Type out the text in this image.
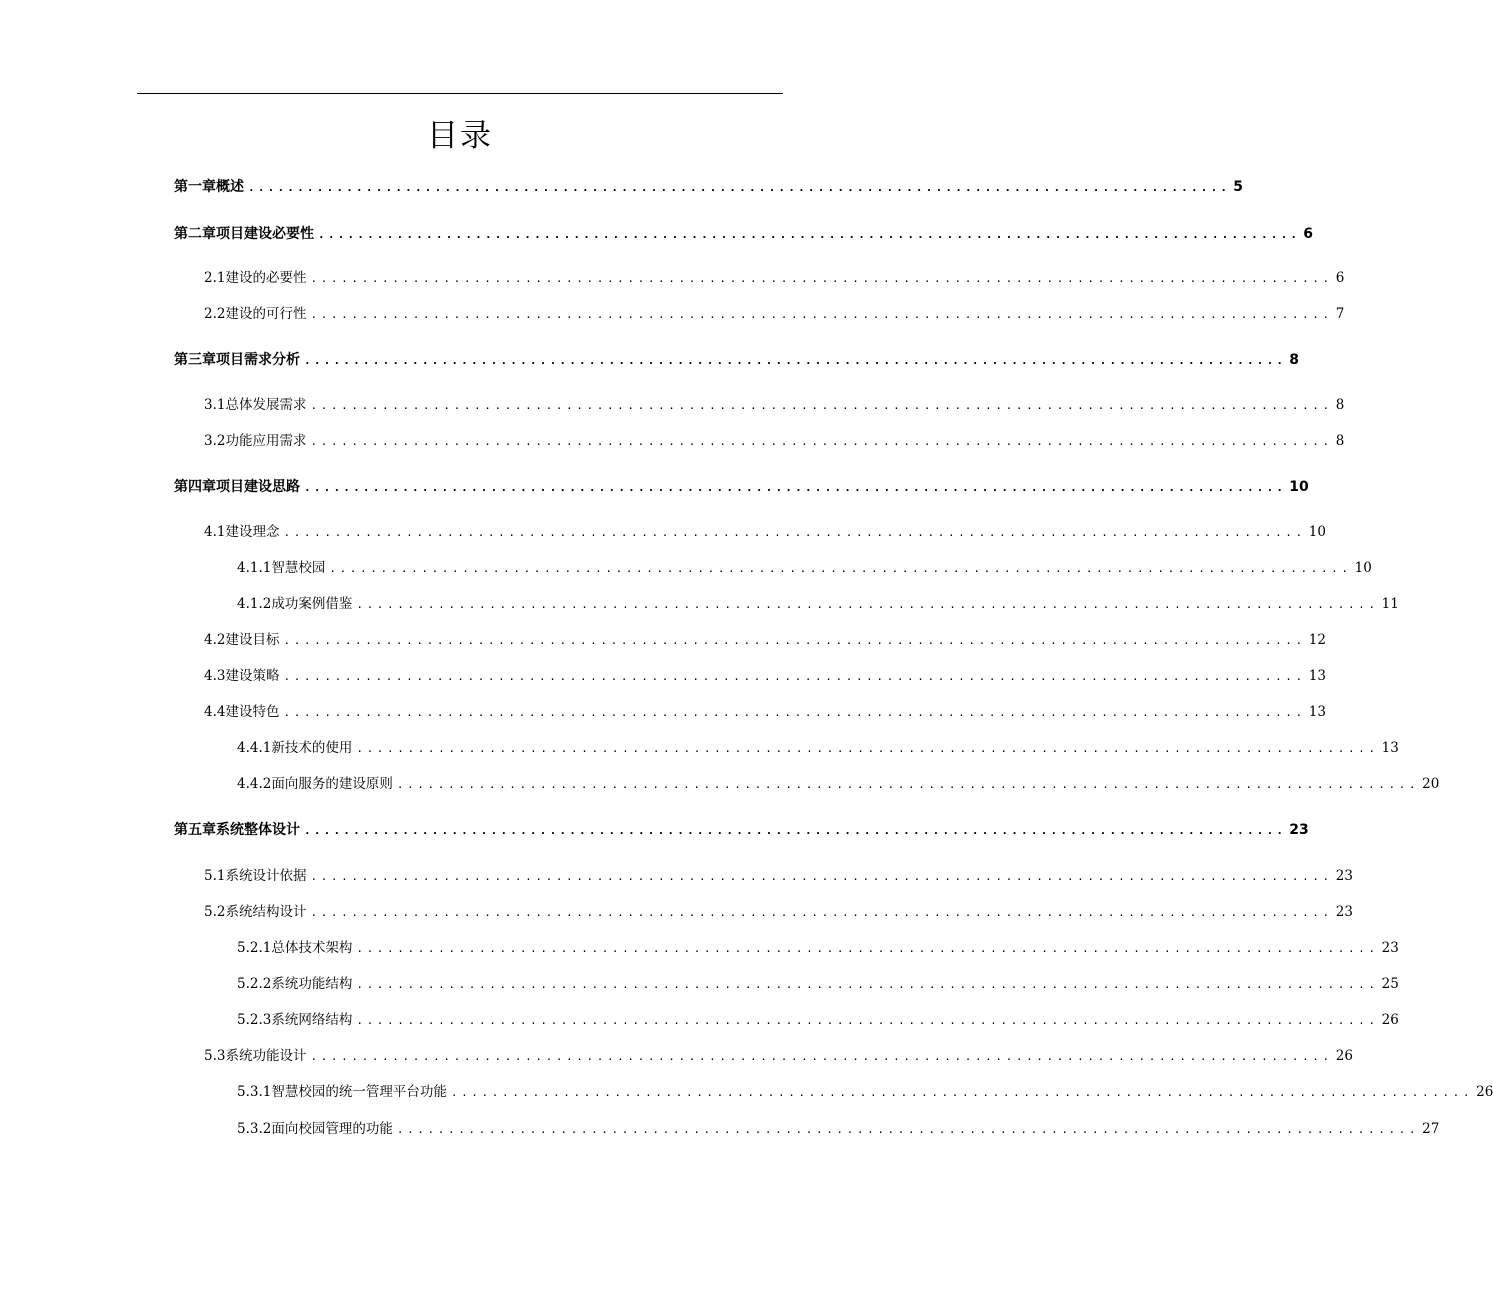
目录
第一章概述 .................................................................................................... 5
第二章项目建设必要性 .................................................................................................... 6
2.1建设的必要性 .................................................................................................... 6
2.2建设的可行性 .................................................................................................... 7
第三章项目需求分析 .................................................................................................... 8
3.1总体发展需求 .................................................................................................... 8
3.2功能应用需求 .................................................................................................... 8
第四章项目建设思路 .................................................................................................... 10
4.1建设理念 .................................................................................................... 10
4.1.1智慧校园 .................................................................................................... 10
4.1.2成功案例借鉴 .................................................................................................... 11
4.2建设目标 .................................................................................................... 12
4.3建设策略 .................................................................................................... 13
4.4建设特色 .................................................................................................... 13
4.4.1新技术的使用 .................................................................................................... 13
4.4.2面向服务的建设原则 .................................................................................................... 20
第五章系统整体设计 .................................................................................................... 23
5.1系统设计依据 .................................................................................................... 23
5.2系统结构设计 .................................................................................................... 23
5.2.1总体技术架构 .................................................................................................... 23
5.2.2系统功能结构 .................................................................................................... 25
5.2.3系统网络结构 .................................................................................................... 26
5.3系统功能设计 .................................................................................................... 26
5.3.1智慧校园的统一管理平台功能 .................................................................................................... 26
5.3.2面向校园管理的功能 .................................................................................................... 27
